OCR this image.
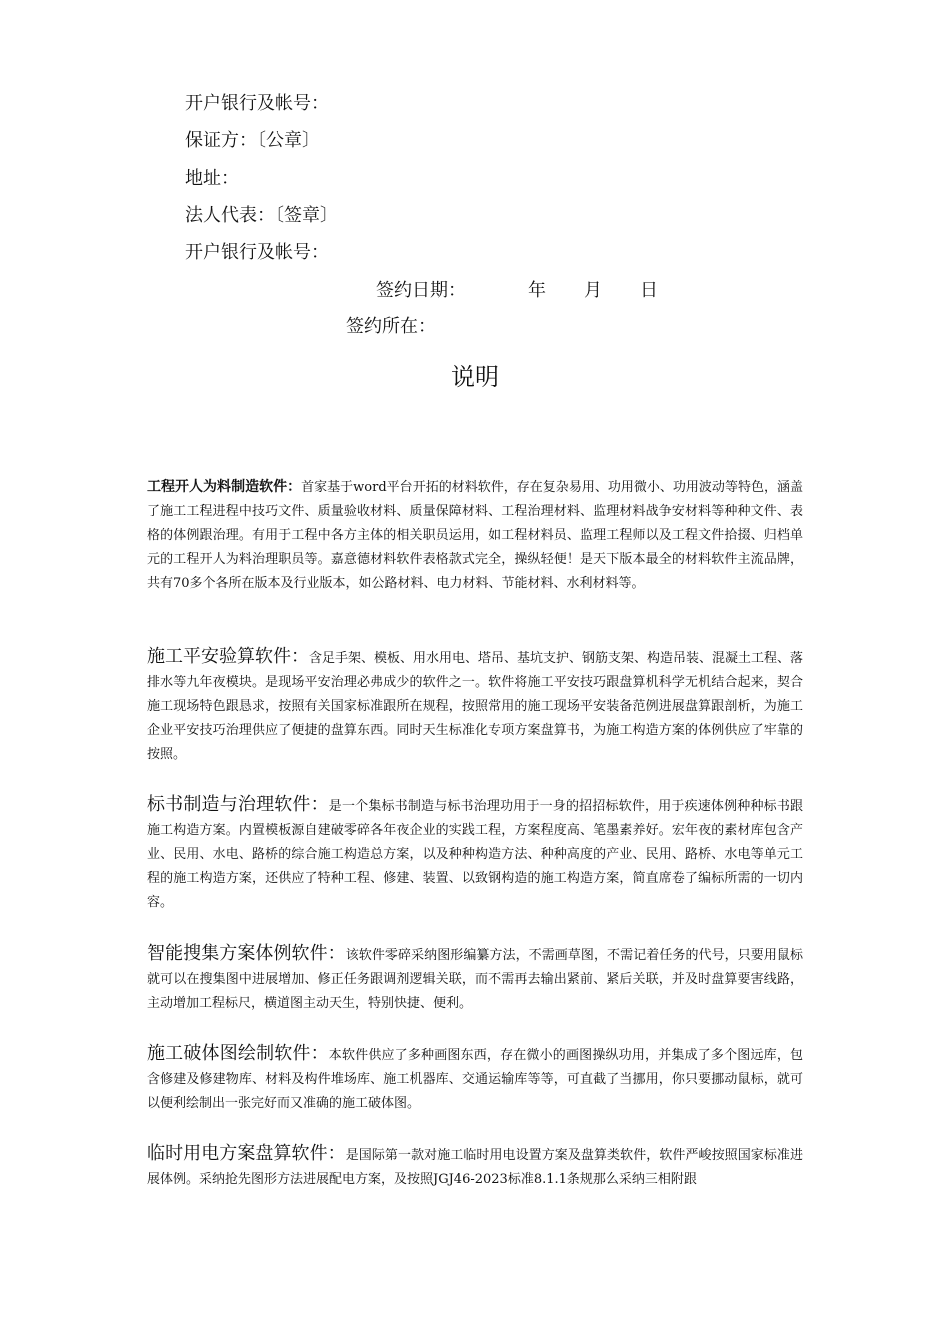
开户银行及帐号：
保证方：〔公章〕
地址：
法人代表：〔签章〕
开户银行及帐号：
签约日期：	年 月 日
签约所在：
说明
工程开人为料制造软件：首家基于word平台开拓的材料软件，存在复杂易用、功用微小、功用波动等特色，涵盖了施工工程进程中技巧文件、质量验收材料、质量保障材料、工程治理材料、监理材料战争安材料等种种文件、表格的体例跟治理。有用于工程中各方主体的相关职员运用，如工程材料员、监理工程师以及工程文件拾掇、归档单元的工程开人为料治理职员等。嘉意德材料软件表格款式完全，操纵轻便！是天下版本最全的材料软件主流品牌，共有70多个各所在版本及行业版本，如公路材料、电力材料、节能材料、水利材料等。
施工平安验算软件：含足手架、模板、用水用电、塔吊、基坑支护、钢筋支架、构造吊装、混凝土工程、落排水等九年夜模块。是现场平安治理必弗成少的软件之一。软件将施工平安技巧跟盘算机科学无机结合起来，契合施工现场特色跟恳求，按照有关国家标准跟所在规程，按照常用的施工现场平安装备范例进展盘算跟剖析，为施工企业平安技巧治理供应了便捷的盘算东西。同时天生标准化专项方案盘算书，为施工构造方案的体例供应了牢靠的按照。
标书制造与治理软件：是一个集标书制造与标书治理功用于一身的招招标软件，用于疾速体例种种标书跟施工构造方案。内置模板源自建破零碎各年夜企业的实践工程，方案程度高、笔墨素养好。宏年夜的素材库包含产业、民用、水电、路桥的综合施工构造总方案，以及种种构造方法、种种高度的产业、民用、路桥、水电等单元工程的施工构造方案，还供应了特种工程、修建、装置、以致钢构造的施工构造方案，简直席卷了编标所需的一切内容。
智能搜集方案体例软件：该软件零碎采纳图形编纂方法，不需画草图，不需记着任务的代号，只要用鼠标就可以在搜集图中进展增加、修正任务跟调剂逻辑关联，而不需再去输出紧前、紧后关联，并及时盘算要害线路，主动增加工程标尺，横道图主动天生，特别快捷、便利。
施工破体图绘制软件：本软件供应了多种画图东西，存在微小的画图操纵功用，并集成了多个图远库，包含修建及修建物库、材料及构件堆场库、施工机器库、交通运输库等等，可直截了当挪用，你只要挪动鼠标，就可以便利绘制出一张完好而又准确的施工破体图。
临时用电方案盘算软件：是国际第一款对施工临时用电设置方案及盘算类软件，软件严峻按照国家标准进展体例。采纳抢先图形方法进展配电方案，及按照JGJ46-2023标准8.1.1条规那么采纳三相附跟
